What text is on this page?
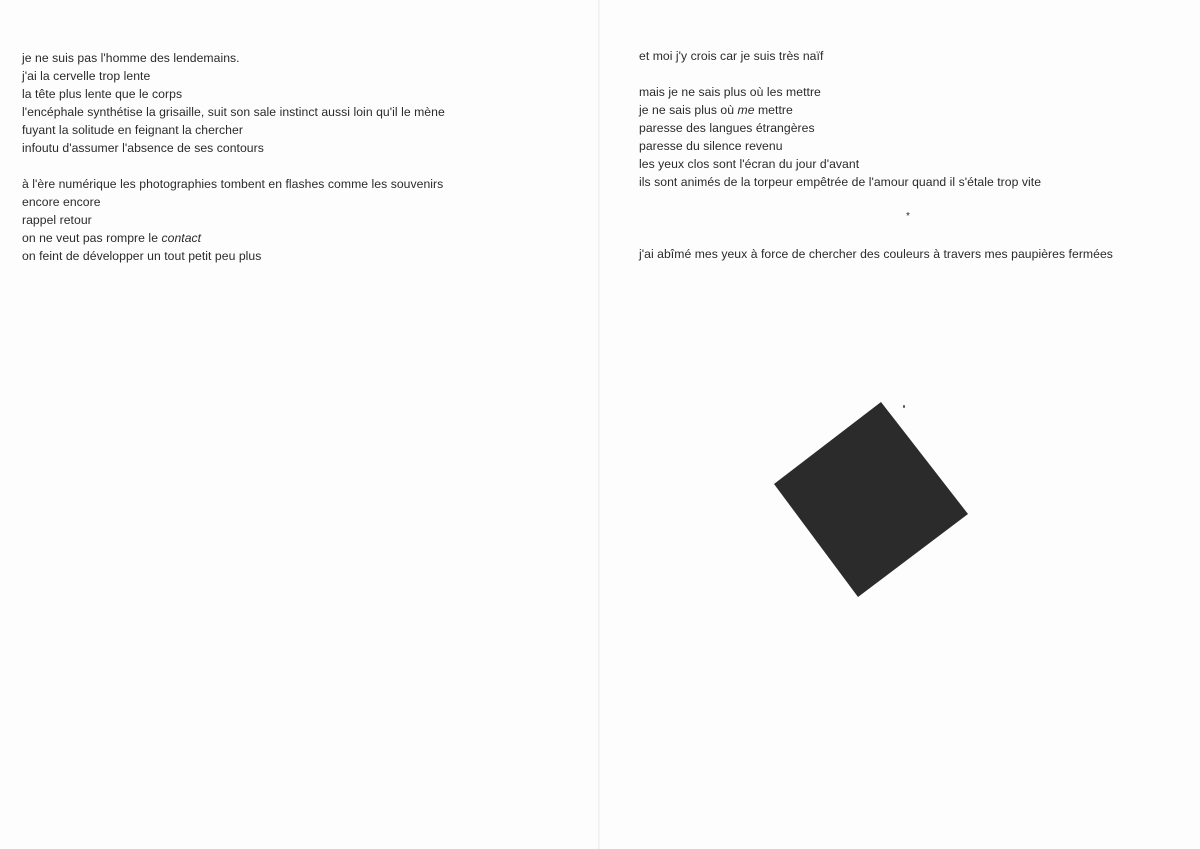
je ne suis pas l'homme des lendemains.
j'ai la cervelle trop lente
la tête plus lente que le corps
l'encéphale synthétise la grisaille, suit son sale instinct aussi loin qu'il le mène
fuyant la solitude en feignant la chercher
infoutu d'assumer l'absence de ses contours
à l'ère numérique les photographies tombent en flashes comme les souvenirs
encore encore
rappel retour
on ne veut pas rompre le contact
on feint de développer un tout petit peu plus
et moi j'y crois car je suis très naïf
mais je ne sais plus où les mettre
je ne sais plus où me mettre
paresse des langues étrangères
paresse du silence revenu
les yeux clos sont l'écran du jour d'avant
ils sont animés de la torpeur empêtrée de l'amour quand il s'étale trop vite
*
j'ai abîmé mes yeux à force de chercher des couleurs à travers mes paupières fermées
